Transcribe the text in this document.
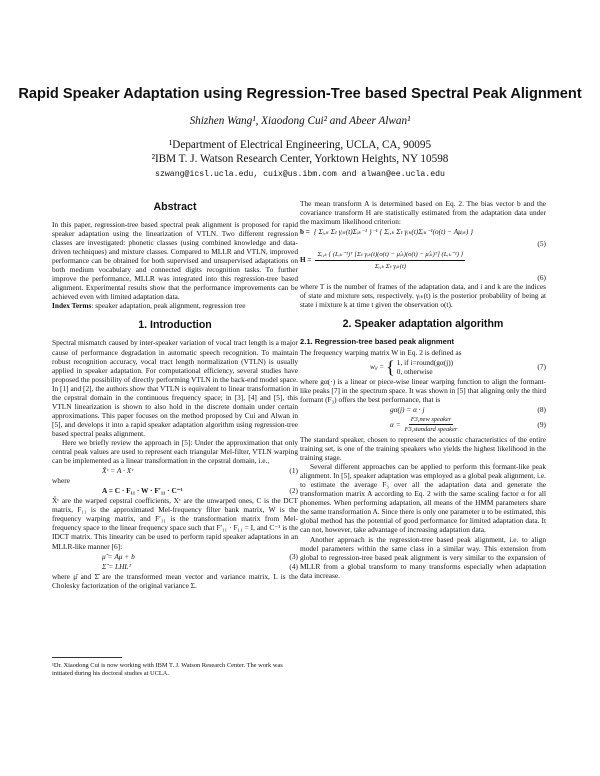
Rapid Speaker Adaptation using Regression-Tree based Spectral Peak Alignment
Shizhen Wang¹, Xiaodong Cui² and Abeer Alwan¹
¹Department of Electrical Engineering, UCLA, CA, 90095
²IBM T. J. Watson Research Center, Yorktown Heights, NY 10598
szwang@icsl.ucla.edu, cuix@us.ibm.com and alwan@ee.ucla.edu
Abstract

In this paper, regression-tree based spectral peak alignment is proposed for rapid speaker adaptation using the linearization of VTLN. Two different regression classes are investigated: phonetic classes (using combined knowledge and data-driven techniques) and mixture classes. Compared to MLLR and VTLN, improved performance can be obtained for both supervised and unsupervised adaptations on both medium vocabulary and connected digits recognition tasks. To further improve the performance, MLLR was integrated into this regression-tree based alignment. Experimental results show that the performance improvements can be achieved even with limited adaptation data.

Index Terms: speaker adaptation, peak alignment, regression tree

1. Introduction

Spectral mismatch caused by inter-speaker variation of vocal tract length is a major cause of performance degradation in automatic speech recognition. To maintain robust recognition accuracy, vocal tract length normalization (VTLN) is usually applied in speaker adaptation. For computational efficiency, several studies have proposed the possibility of directly performing VTLN in the back-end model space. In [1] and [2], the authors show that VTLN is equivalent to linear transformation in the cepstral domain in the continuous frequency space; in [3], [4] and [5], this VTLN linearization is shown to also hold in the discrete domain under certain approximations. This paper focuses on the method proposed by Cui and Alwan in [5], and develops it into a rapid speaker adaptation algorithm using regression-tree based spectral peaks alignment.

Here we briefly review the approach in [5]: Under the approximation that only central peak values are used to represent each triangular Mel-filter, VTLN warping can be implemented as a linear transformation in the cepstral domain, i.e.,

X̂ᶜ = A · Xᶜ	(1)

where

A = C · F₁₁ · W · F′₁₁ · C⁻¹	(2)

X̂ᶜ are the warped cepstral coefficients, Xᶜ are the unwarped ones, C is the DCT matrix, F₁₁ is the approximated Mel-frequency filter bank matrix, W is the frequency warping matrix, and F′₁₁ is the transformation matrix from Mel-frequency space to the linear frequency space such that F′₁₁ · F₁₁ = I, and C⁻¹ is the IDCT matrix. This linearity can be used to perform rapid speaker adaptations in an MLLR-like manner [6]:

μ̂ = Aμ + b	(3)
Σ̂ = LHLᵀ	(4)

where μ̂ and Σ̂ are the transformed mean vector and variance matrix, L is the Cholesky factorization of the original variance Σ.

¹Dr. Xiaodong Cui is now working with IBM T. J. Watson Research Center. The work was initiated during his doctoral studies at UCLA.

The mean transform A is determined based on Eq. 2. The bias vector b and the covariance transform H are statistically estimated from the adaptation data under the maximum likelihood criterion:

b = { Σᵢ,ₖ Σₜ γᵢₖ(t)Σᵢₖ⁻¹ }⁻¹ { Σᵢ,ₖ Σₜ γᵢₖ(t)Σᵢₖ⁻¹(o(t) − Aμᵢₖ) }
(5)
H =
Σᵢ,ₖ { (Lᵢₖ⁻¹)ᵀ [Σₜ γᵢₖ(t)(o(t) − μ̂ᵢₖ)(o(t) − μ̂ᵢₖ)ᵀ] (Lᵢₖ⁻¹) }
Σᵢ,ₖ Σₜ γᵢₖ(t)
(6)

where T is the number of frames of the adaptation data, and i and k are the indices of state and mixture sets, respectively. γᵢₖ(t) is the posterior probability of being at state i mixture k at time t given the observation o(t).

2. Speaker adaptation algorithm
2.1. Regression-tree based peak alignment

The frequency warping matrix W in Eq. 2 is defined as

wᵢⱼ = { 1, if i=round(gα(j))
0, otherwise
(7)

where gα(·) is a linear or piece-wise linear warping function to align the formant-like peaks [7] in the spectrum space. It was shown in [5] that aligning only the third formant (F₃) offers the best performance, that is

gα(j) = α · j	(8)
α =
F3,new speaker
F3,standard speaker
(9)

The standard speaker, chosen to represent the acoustic characteristics of the entire training set, is one of the training speakers who yields the highest likelihood in the training stage.

Several different approaches can be applied to perform this formant-like peak alignment. In [5], speaker adaptation was employed as a global peak alignment, i.e. to estimate the average F₃ over all the adaptation data and generate the transformation matrix A according to Eq. 2 with the same scaling factor α for all phonemes. When performing adaptation, all means of the HMM parameters share the same transformation A. Since there is only one parameter α to be estimated, this global method has the potential of good performance for limited adaptation data. It can not, however, take advantage of increasing adaptation data.

Another approach is the regression-tree based peak alignment, i.e. to align model parameters within the same class in a similar way. This extension from global to regression-tree based peak alignment is very similar to the expansion of MLLR from a global transform to many transforms especially when adaptation data increase.
